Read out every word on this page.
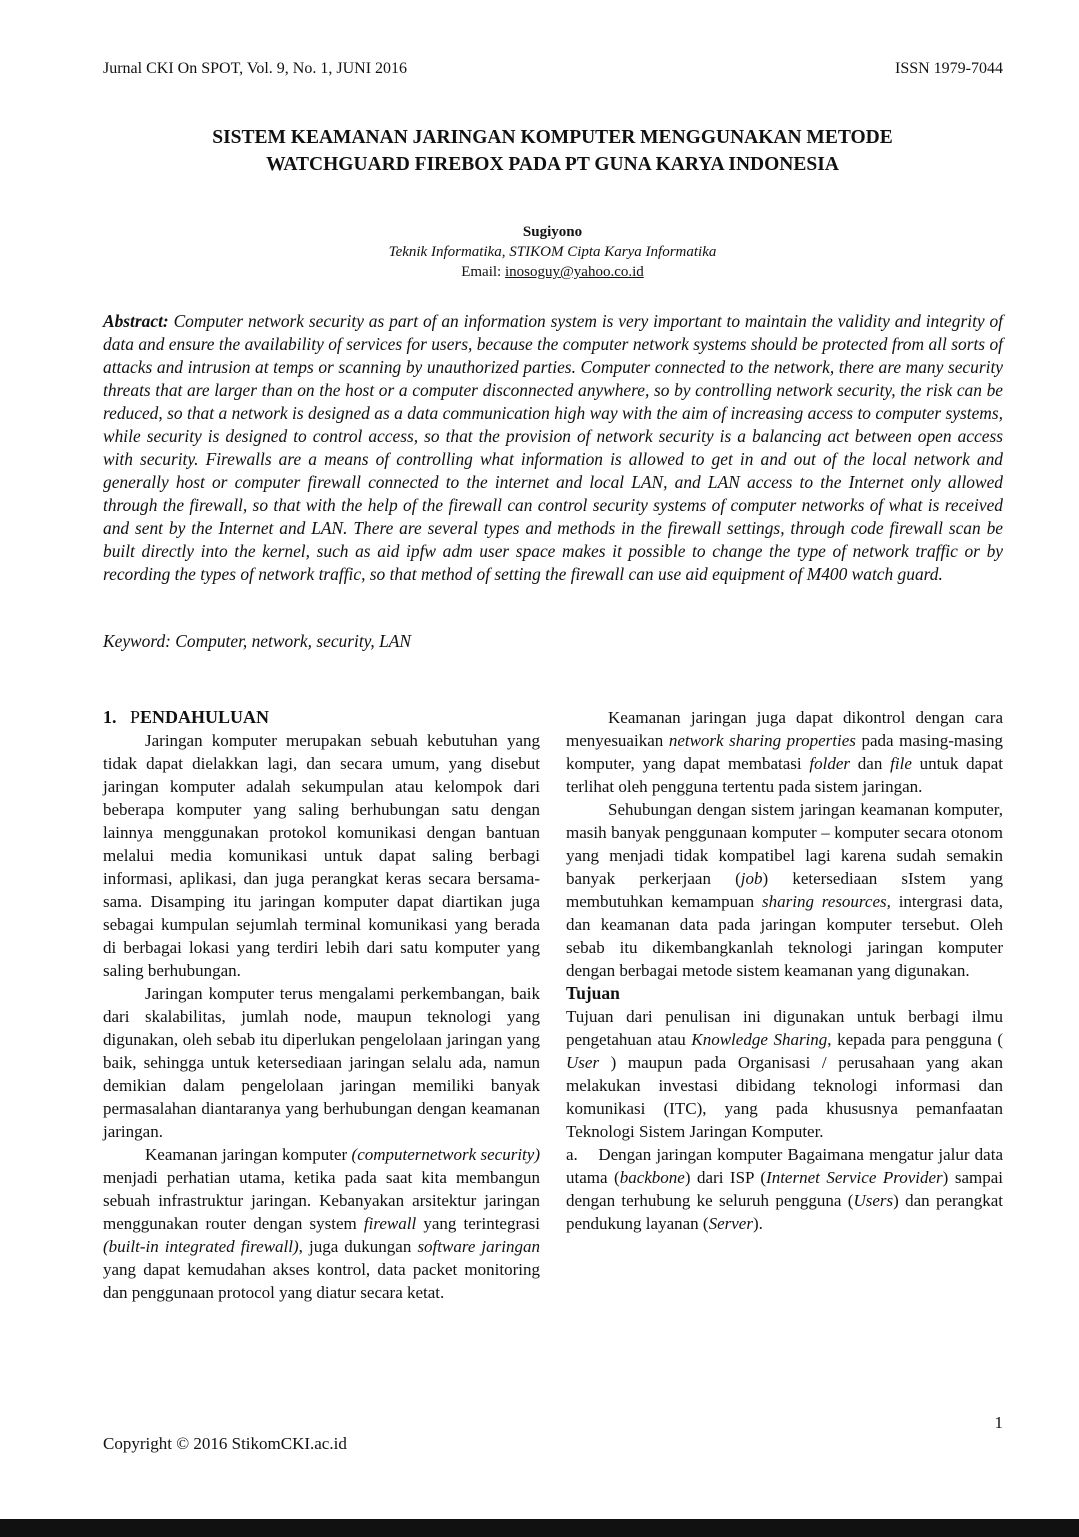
Jurnal CKI On SPOT, Vol. 9, No. 1, JUNI 2016	ISSN 1979-7044
SISTEM KEAMANAN JARINGAN KOMPUTER MENGGUNAKAN METODE
WATCHGUARD FIREBOX PADA PT GUNA KARYA INDONESIA
Sugiyono
Teknik Informatika, STIKOM Cipta Karya Informatika
Email: inosoguy@yahoo.co.id
Abstract: Computer network security as part of an information system is very important to maintain the validity and integrity of data and ensure the availability of services for users, because the computer network systems should be protected from all sorts of attacks and intrusion at temps or scanning by unauthorized parties. Computer connected to the network, there are many security threats that are larger than on the host or a computer disconnected anywhere, so by controlling network security, the risk can be reduced, so that a network is designed as a data communication high way with the aim of increasing access to computer systems, while security is designed to control access, so that the provision of network security is a balancing act between open access with security. Firewalls are a means of controlling what information is allowed to get in and out of the local network and generally host or computer firewall connected to the internet and local LAN, and LAN access to the Internet only allowed through the firewall, so that with the help of the firewall can control security systems of computer networks of what is received and sent by the Internet and LAN. There are several types and methods in the firewall settings, through code firewall scan be built directly into the kernel, such as aid ipfw adm user space makes it possible to change the type of network traffic or by recording the types of network traffic, so that method of setting the firewall can use aid equipment of M400 watch guard.
Keyword: Computer, network, security, LAN

1. PENDAHULUAN

Jaringan komputer merupakan sebuah kebutuhan yang tidak dapat dielakkan lagi, dan secara umum, yang disebut jaringan komputer adalah sekumpulan atau kelompok dari beberapa komputer yang saling berhubungan satu dengan lainnya menggunakan protokol komunikasi dengan bantuan melalui media komunikasi untuk dapat saling berbagi informasi, aplikasi, dan juga perangkat keras secara bersama-sama. Disamping itu jaringan komputer dapat diartikan juga sebagai kumpulan sejumlah terminal komunikasi yang berada di berbagai lokasi yang terdiri lebih dari satu komputer yang saling berhubungan.

Jaringan komputer terus mengalami perkembangan, baik dari skalabilitas, jumlah node, maupun teknologi yang digunakan, oleh sebab itu diperlukan pengelolaan jaringan yang baik, sehingga untuk ketersediaan jaringan selalu ada, namun demikian dalam pengelolaan jaringan memiliki banyak permasalahan diantaranya yang berhubungan dengan keamanan jaringan.

Keamanan jaringan komputer (computernetwork security) menjadi perhatian utama, ketika pada saat kita membangun sebuah infrastruktur jaringan. Kebanyakan arsitektur jaringan menggunakan router dengan system firewall yang terintegrasi (built-in integrated firewall), juga dukungan software jaringan yang dapat kemudahan akses kontrol, data packet monitoring dan penggunaan protocol yang diatur secara ketat.

Keamanan jaringan juga dapat dikontrol dengan cara menyesuaikan network sharing properties pada masing-masing komputer, yang dapat membatasi folder dan file untuk dapat terlihat oleh pengguna tertentu pada sistem jaringan.

Sehubungan dengan sistem jaringan keamanan komputer, masih banyak penggunaan komputer – komputer secara otonom yang menjadi tidak kompatibel lagi karena sudah semakin banyak perkerjaan (job) ketersediaan sIstem yang membutuhkan kemampuan sharing resources, intergrasi data, dan keamanan data pada jaringan komputer tersebut. Oleh sebab itu dikembangkanlah teknologi jaringan komputer dengan berbagai metode sistem keamanan yang digunakan.

Tujuan

Tujuan dari penulisan ini digunakan untuk berbagi ilmu pengetahuan atau Knowledge Sharing, kepada para pengguna ( User ) maupun pada Organisasi / perusahaan yang akan melakukan investasi dibidang teknologi informasi dan komunikasi (ITC), yang pada khususnya pemanfaatan Teknologi Sistem Jaringan Komputer.

a. Dengan jaringan komputer Bagaimana mengatur jalur data utama (backbone) dari ISP (Internet Service Provider) sampai dengan terhubung ke seluruh pengguna (Users) dan perangkat pendukung layanan (Server).

1
Copyright © 2016 StikomCKI.ac.id
